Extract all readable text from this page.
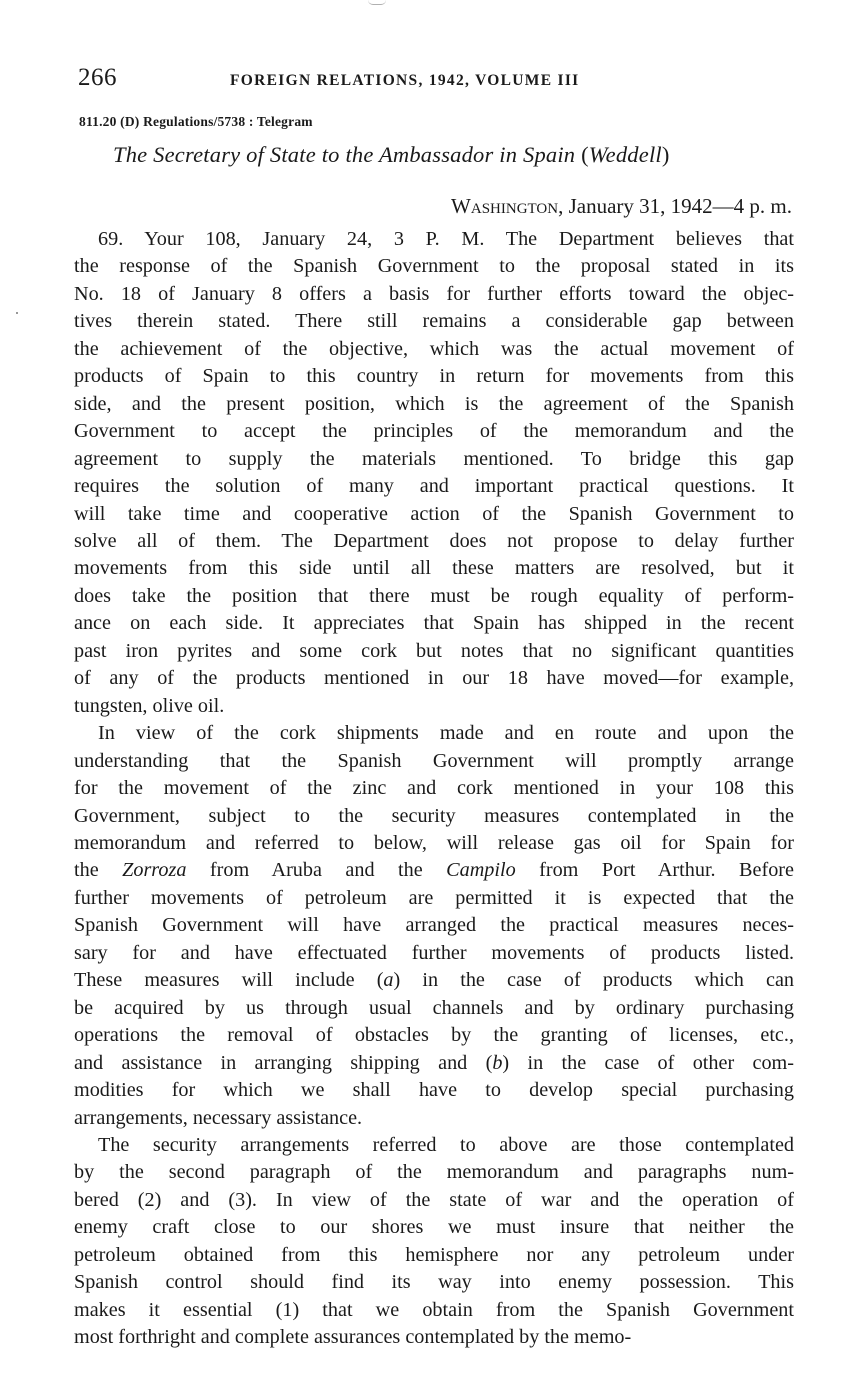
266	FOREIGN RELATIONS, 1942, VOLUME III
811.20 (D) Regulations/5738 : Telegram
The Secretary of State to the Ambassador in Spain (Weddell)
Washington, January 31, 1942—4 p. m.

69. Your 108, January 24, 3 P. M. The Department believes that
the response of the Spanish Government to the proposal stated in its
No. 18 of January 8 offers a basis for further efforts toward the objec-
tives therein stated. There still remains a considerable gap between
the achievement of the objective, which was the actual movement of
products of Spain to this country in return for movements from this
side, and the present position, which is the agreement of the Spanish
Government to accept the principles of the memorandum and the
agreement to supply the materials mentioned. To bridge this gap
requires the solution of many and important practical questions. It
will take time and cooperative action of the Spanish Government to
solve all of them. The Department does not propose to delay further
movements from this side until all these matters are resolved, but it
does take the position that there must be rough equality of perform-
ance on each side. It appreciates that Spain has shipped in the recent
past iron pyrites and some cork but notes that no significant quantities
of any of the products mentioned in our 18 have moved—for example,
tungsten, olive oil.

In view of the cork shipments made and en route and upon the
understanding that the Spanish Government will promptly arrange
for the movement of the zinc and cork mentioned in your 108 this
Government, subject to the security measures contemplated in the
memorandum and referred to below, will release gas oil for Spain for
the Zorroza from Aruba and the Campilo from Port Arthur. Before
further movements of petroleum are permitted it is expected that the
Spanish Government will have arranged the practical measures neces-
sary for and have effectuated further movements of products listed.
These measures will include (a) in the case of products which can
be acquired by us through usual channels and by ordinary purchasing
operations the removal of obstacles by the granting of licenses, etc.,
and assistance in arranging shipping and (b) in the case of other com-
modities for which we shall have to develop special purchasing
arrangements, necessary assistance.

The security arrangements referred to above are those contemplated
by the second paragraph of the memorandum and paragraphs num-
bered (2) and (3). In view of the state of war and the operation of
enemy craft close to our shores we must insure that neither the
petroleum obtained from this hemisphere nor any petroleum under
Spanish control should find its way into enemy possession. This
makes it essential (1) that we obtain from the Spanish Government
most forthright and complete assurances contemplated by the memo-
